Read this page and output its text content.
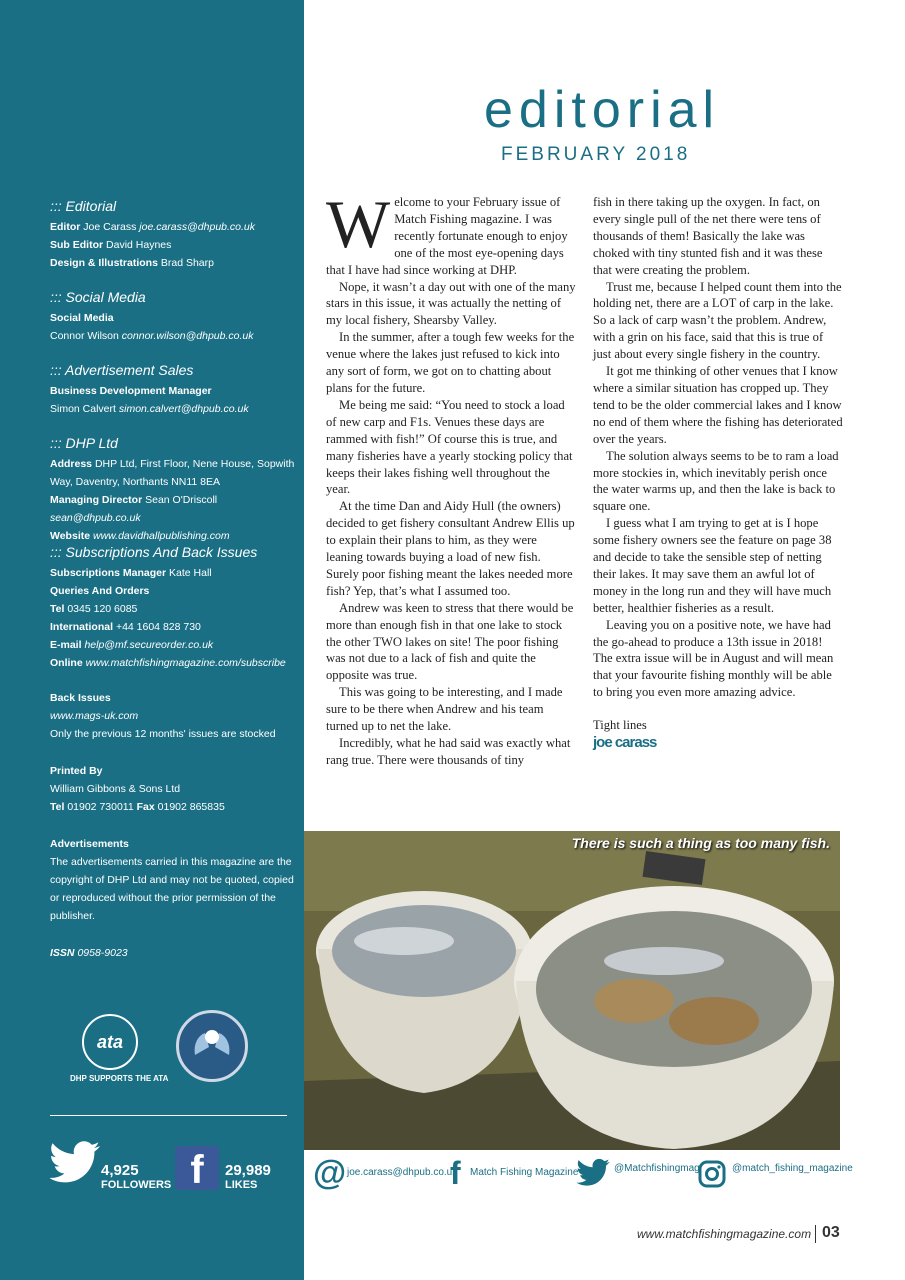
::: Editorial

Editor Joe Carass joe.carass@dhpub.co.uk

Sub Editor David Haynes

Design & Illustrations Brad Sharp

::: Social Media

Social Media

Connor Wilson connor.wilson@dhpub.co.uk

::: Advertisement Sales

Business Development Manager

Simon Calvert simon.calvert@dhpub.co.uk

::: DHP Ltd

Address DHP Ltd, First Floor, Nene House, Sopwith Way, Daventry, Northants NN11 8EA

Managing Director Sean O'Driscoll sean@dhpub.co.uk

Website www.davidhallpublishing.com

::: Subscriptions And Back Issues

Subscriptions Manager Kate Hall

Queries And Orders

Tel 0345 120 6085

International +44 1604 828 730

E-mail help@mf.secureorder.co.uk

Online www.matchfishingmagazine.com/subscribe

Back Issues

www.mags-uk.com

Only the previous 12 months' issues are stocked

Printed By

William Gibbons & Sons Ltd

Tel 01902 730011 Fax 01902 865835

Advertisements

The advertisements carried in this magazine are the copyright of DHP Ltd and may not be quoted, copied or reproduced without the prior permission of the publisher.

ISSN 0958-9023

ata
DHP SUPPORTS THE ATA
4,925
FOLLOWERS f	29,989
LIKES
editorial
FEBRUARY 2018

Welcome to your February issue of Match Fishing magazine. I was recently fortunate enough to enjoy one of the most eye-opening days that I have had since working at DHP.

Nope, it wasn’t a day out with one of the many stars in this issue, it was actually the netting of my local fishery, Shearsby Valley.

In the summer, after a tough few weeks for the venue where the lakes just refused to kick into any sort of form, we got on to chatting about plans for the future.

Me being me said: “You need to stock a load of new carp and F1s. Venues these days are rammed with fish!” Of course this is true, and many fisheries have a yearly stocking policy that keeps their lakes fishing well throughout the year.

At the time Dan and Aidy Hull (the owners) decided to get fishery consultant Andrew Ellis up to explain their plans to him, as they were leaning towards buying a load of new fish. Surely poor fishing meant the lakes needed more fish? Yep, that’s what I assumed too.

Andrew was keen to stress that there would be more than enough fish in that one lake to stock the other TWO lakes on site! The poor fishing was not due to a lack of fish and quite the opposite was true.

This was going to be interesting, and I made sure to be there when Andrew and his team turned up to net the lake.

Incredibly, what he had said was exactly what rang true. There were thousands of tiny

fish in there taking up the oxygen. In fact, on every single pull of the net there were tens of thousands of them! Basically the lake was choked with tiny stunted fish and it was these that were creating the problem.

Trust me, because I helped count them into the holding net, there are a LOT of carp in the lake. So a lack of carp wasn’t the problem. Andrew, with a grin on his face, said that this is true of just about every single fishery in the country.

It got me thinking of other venues that I know where a similar situation has cropped up. They tend to be the older commercial lakes and I know no end of them where the fishing has deteriorated over the years.

The solution always seems to be to ram a load more stockies in, which inevitably perish once the water warms up, and then the lake is back to square one.

I guess what I am trying to get at is I hope some fishery owners see the feature on page 38 and decide to take the sensible step of netting their lakes. It may save them an awful lot of money in the long run and they will have much better, healthier fisheries as a result.

Leaving you on a positive note, we have had the go-ahead to produce a 13th issue in 2018! The extra issue will be in August and will mean that your favourite fishing monthly will be able to bring you even more amazing advice.

Tight lines

joe carass
There is such a thing as too many fish.
@ joe.carass@dhpub.co.uk
f Match Fishing Magazine	@Matchfishingmag	@match_fishing_magazine
www.matchfishingmagazine.com 03
